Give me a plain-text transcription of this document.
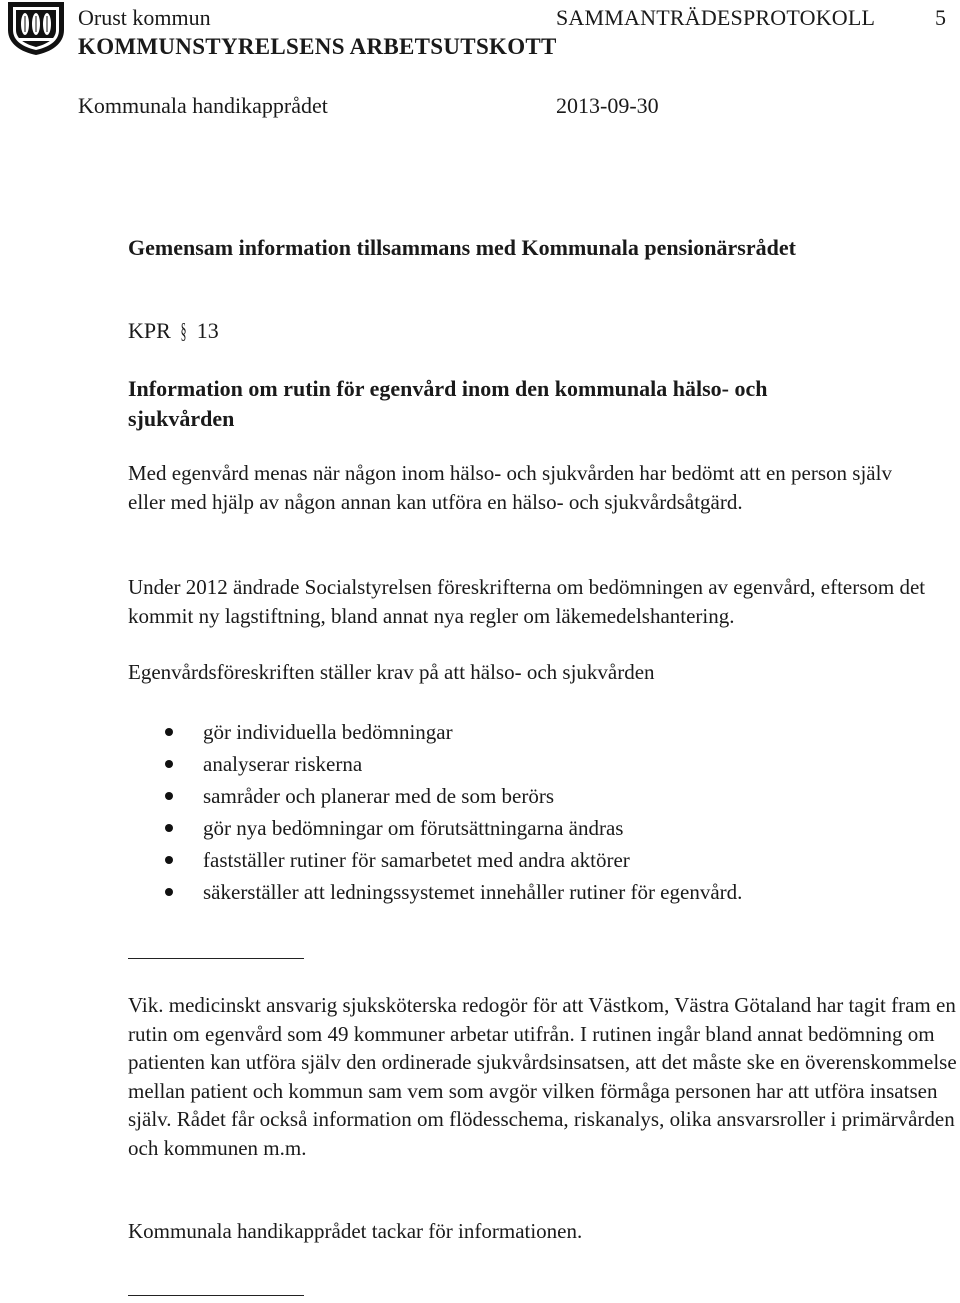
Orust kommun	SAMMANTRÄDESPROTOKOLL	5
KOMMUNSTYRELSENS ARBETSUTSKOTT
Kommunala handikapprådet	2013-09-30
Gemensam information tillsammans med Kommunala pensionärsrådet
KPR § 13
Information om rutin för egenvård inom den kommunala hälso- och sjukvården

Med egenvård menas när någon inom hälso- och sjukvården har bedömt att en person själv eller med hjälp av någon annan kan utföra en hälso- och sjukvårdsåtgärd.

Under 2012 ändrade Socialstyrelsen föreskrifterna om bedömningen av egenvård, eftersom det kommit ny lagstiftning, bland annat nya regler om läkemedelshantering.

Egenvårdsföreskriften ställer krav på att hälso- och sjukvården

gör individuella bedömningar
analyserar riskerna
samråder och planerar med de som berörs
gör nya bedömningar om förutsättningarna ändras
fastställer rutiner för samarbetet med andra aktörer
säkerställer att ledningssystemet innehåller rutiner för egenvård.

Vik. medicinskt ansvarig sjuksköterska redogör för att Västkom, Västra Götaland har tagit fram en rutin om egenvård som 49 kommuner arbetar utifrån. I rutinen ingår bland annat bedömning om patienten kan utföra själv den ordinerade sjukvårdsinsatsen, att det måste ske en överenskommelse mellan patient och kommun sam vem som avgör vilken förmåga personen har att utföra insatsen själv. Rådet får också information om flödesschema, riskanalys, olika ansvarsroller i primärvården och kommunen m.m.

Kommunala handikapprådet tackar för informationen.
